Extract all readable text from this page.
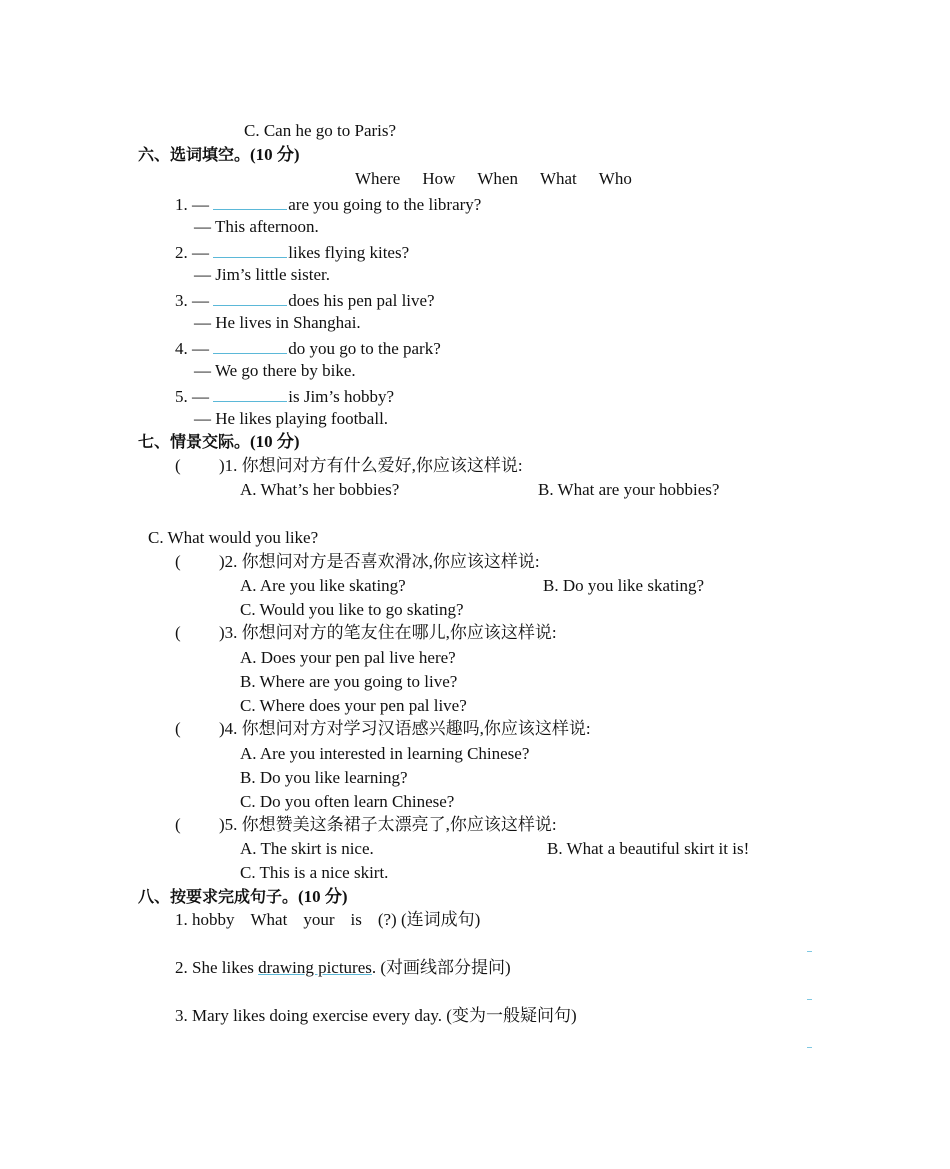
C. Can he go to Paris?
六、选词填空。(10 分)
Where How When What Who
1. —	are you going to the library?
— This afternoon.
2. —	likes flying kites?
— Jim’s little sister.
3. —	does his pen pal live?
— He lives in Shanghai.
4. —	do you go to the park?
— We go there by bike.
5. —	is Jim’s hobby?
— He likes playing football.
七、情景交际。(10 分)
( )1. 你想问对方有什么爱好,你应该这样说:
A. What’s her bobbies?	B. What are your hobbies?
C. What would you like?
( )2. 你想问对方是否喜欢滑冰,你应该这样说:
A. Are you like skating?	B. Do you like skating?
C. Would you like to go skating?
( )3. 你想问对方的笔友住在哪儿,你应该这样说:
A. Does your pen pal live here?
B. Where are you going to live?
C. Where does your pen pal live?
( )4. 你想问对方对学习汉语感兴趣吗,你应该这样说:
A. Are you interested in learning Chinese?
B. Do you like learning?
C. Do you often learn Chinese?
( )5. 你想赞美这条裙子太漂亮了,你应该这样说:
A. The skirt is nice.	B. What a beautiful skirt it is!
C. This is a nice skirt.
八、按要求完成句子。(10 分)
1. hobby What your is (?) (连词成句)
2. She likes drawing pictures. (对画线部分提问)
3. Mary likes doing exercise every day. (变为一般疑问句)
